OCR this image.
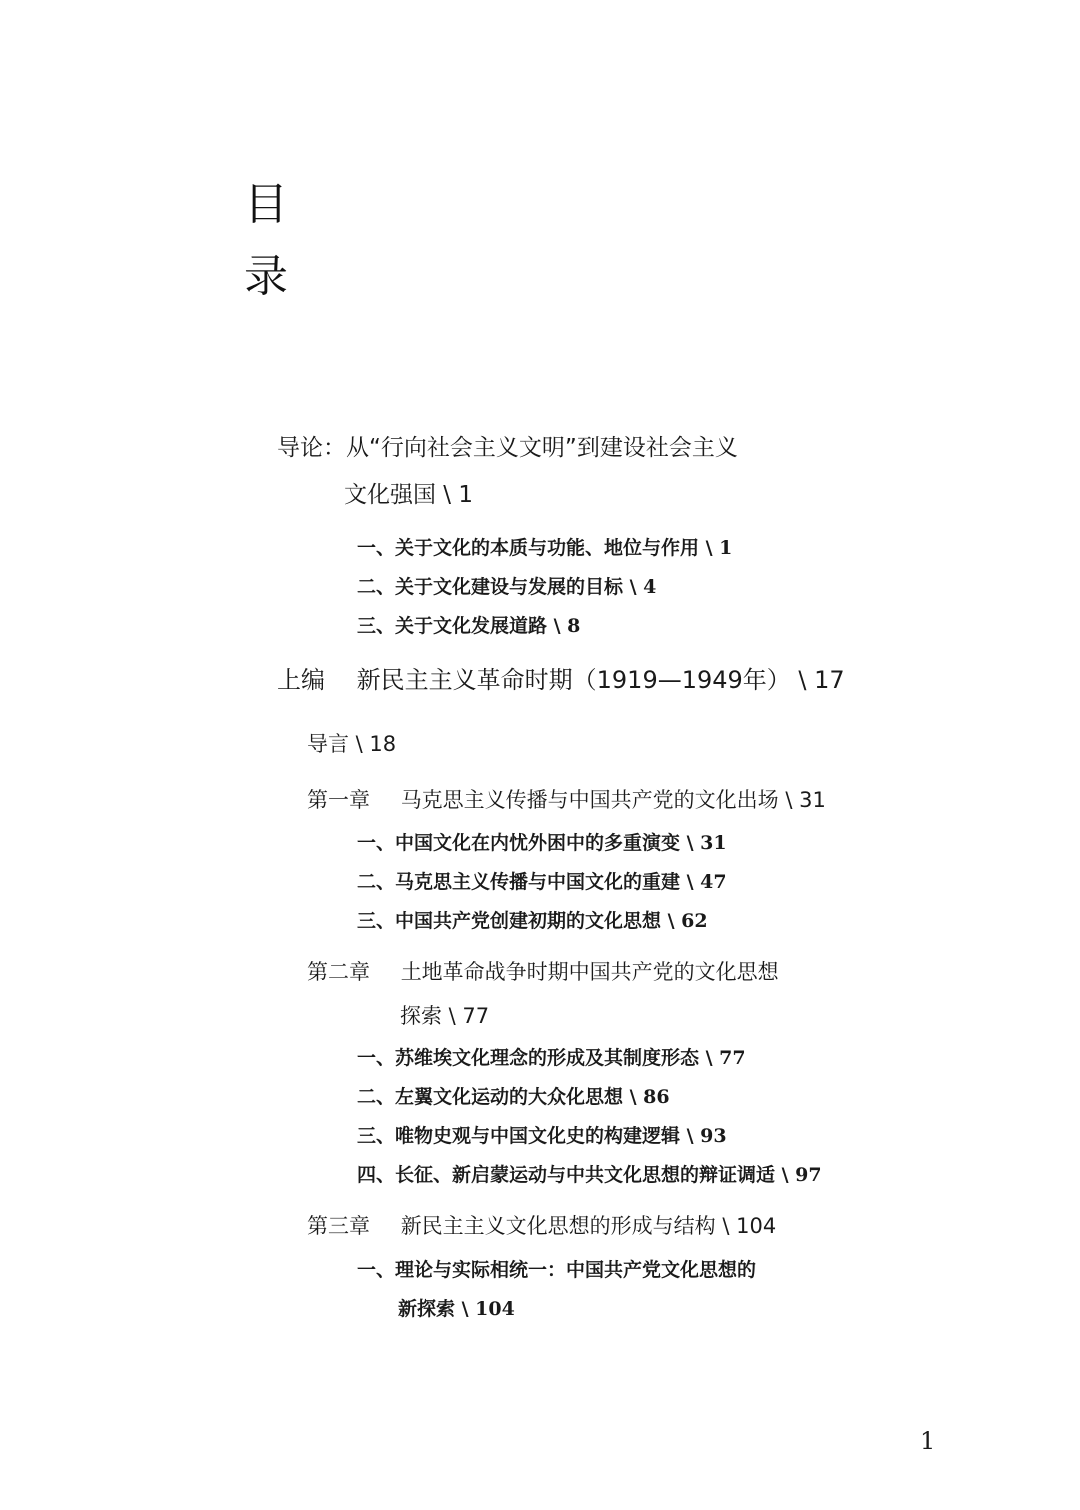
目
录
导论：从“行向社会主义文明”到建设社会主义
文化强国 \ 1
一、关于文化的本质与功能、地位与作用 \ 1
二、关于文化建设与发展的目标 \ 4
三、关于文化发展道路 \ 8
上编 新民主主义革命时期（1919—1949年） \ 17
导言 \ 18
第一章 马克思主义传播与中国共产党的文化出场 \ 31
一、中国文化在内忧外困中的多重演变 \ 31
二、马克思主义传播与中国文化的重建 \ 47
三、中国共产党创建初期的文化思想 \ 62
第二章 土地革命战争时期中国共产党的文化思想
探索 \ 77
一、苏维埃文化理念的形成及其制度形态 \ 77
二、左翼文化运动的大众化思想 \ 86
三、唯物史观与中国文化史的构建逻辑 \ 93
四、长征、新启蒙运动与中共文化思想的辩证调适 \ 97
第三章 新民主主义文化思想的形成与结构 \ 104
一、理论与实际相统一：中国共产党文化思想的
新探索 \ 104
1
